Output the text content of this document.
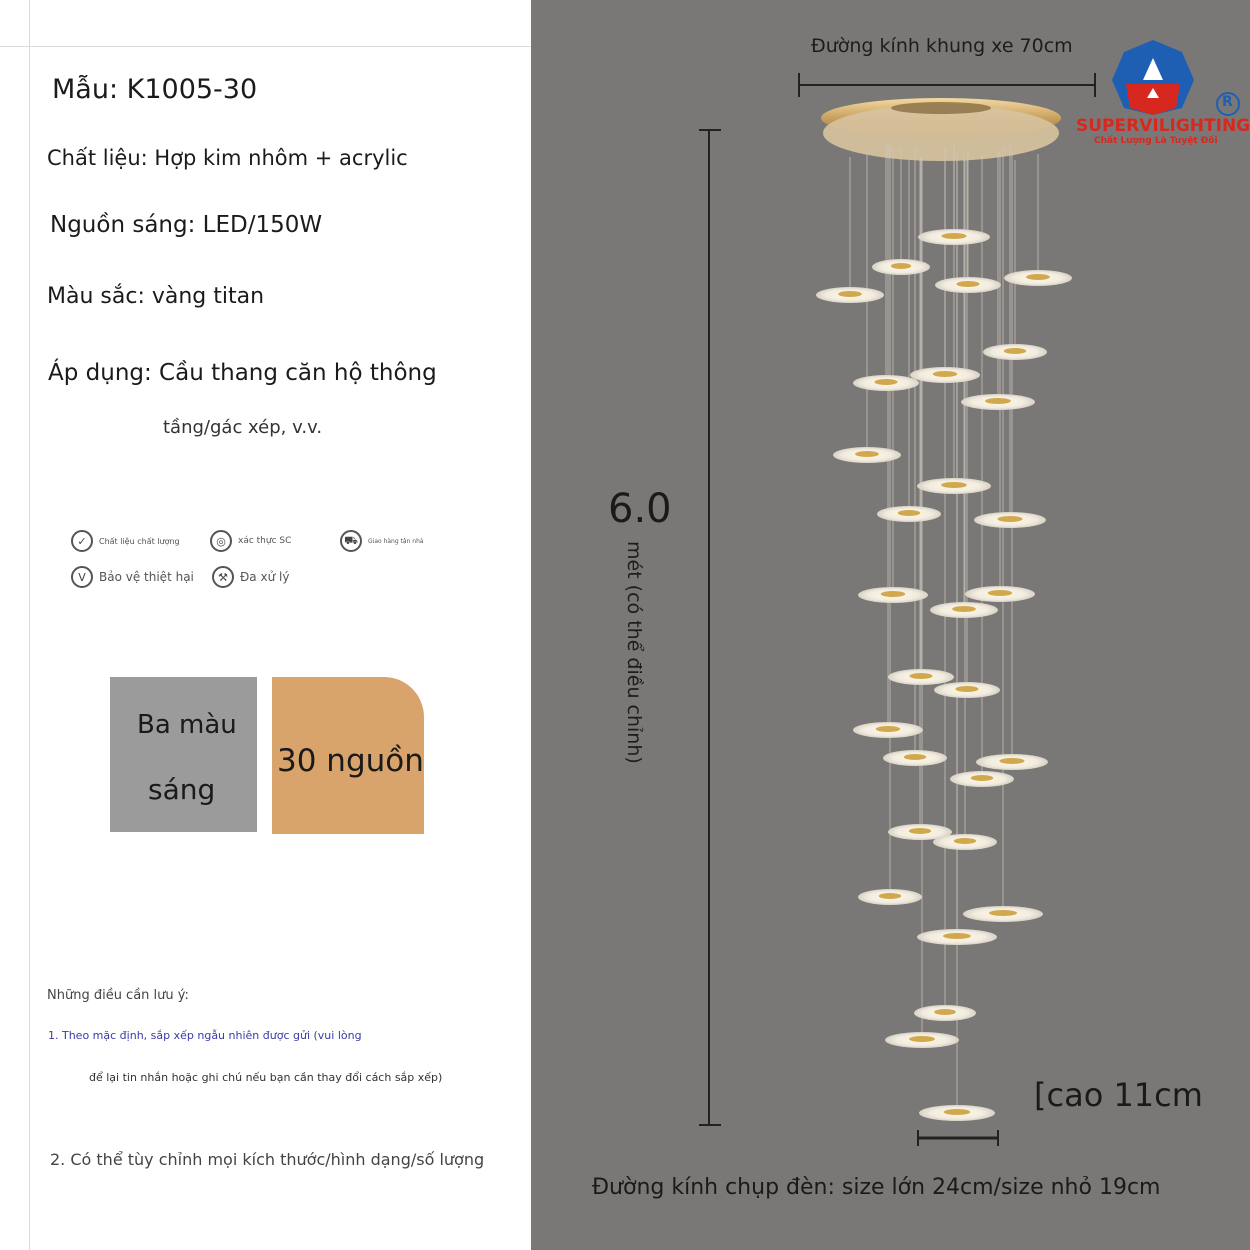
Mẫu: K1005-30
Chất liệu: Hợp kim nhôm + acrylic
Nguồn sáng: LED/150W
Màu sắc: vàng titan
Áp dụng: Cầu thang căn hộ thông
tầng/gác xép, v.v.
✓	Chất liệu chất lượng	◎	xác thực SC	⛟	Giao hàng tận nhà
V	Bảo vệ thiệt hại	⚒	Đa xử lý
Ba màu
sáng
30 nguồn
Những điều cần lưu ý:
1. Theo mặc định, sắp xếp ngẫu nhiên được gửi (vui lòng
để lại tin nhắn hoặc ghi chú nếu bạn cần thay đổi cách sắp xếp)
2. Có thể tùy chỉnh mọi kích thước/hình dạng/số lượng
Đường kính khung xe 70cm
6.0
mét (có thể điều chỉnh)
[cao 11cm
Đường kính chụp đèn: size lớn 24cm/size nhỏ 19cm
SUPERVILIGHTING
Chất Lượng Là Tuyệt Đối
R
